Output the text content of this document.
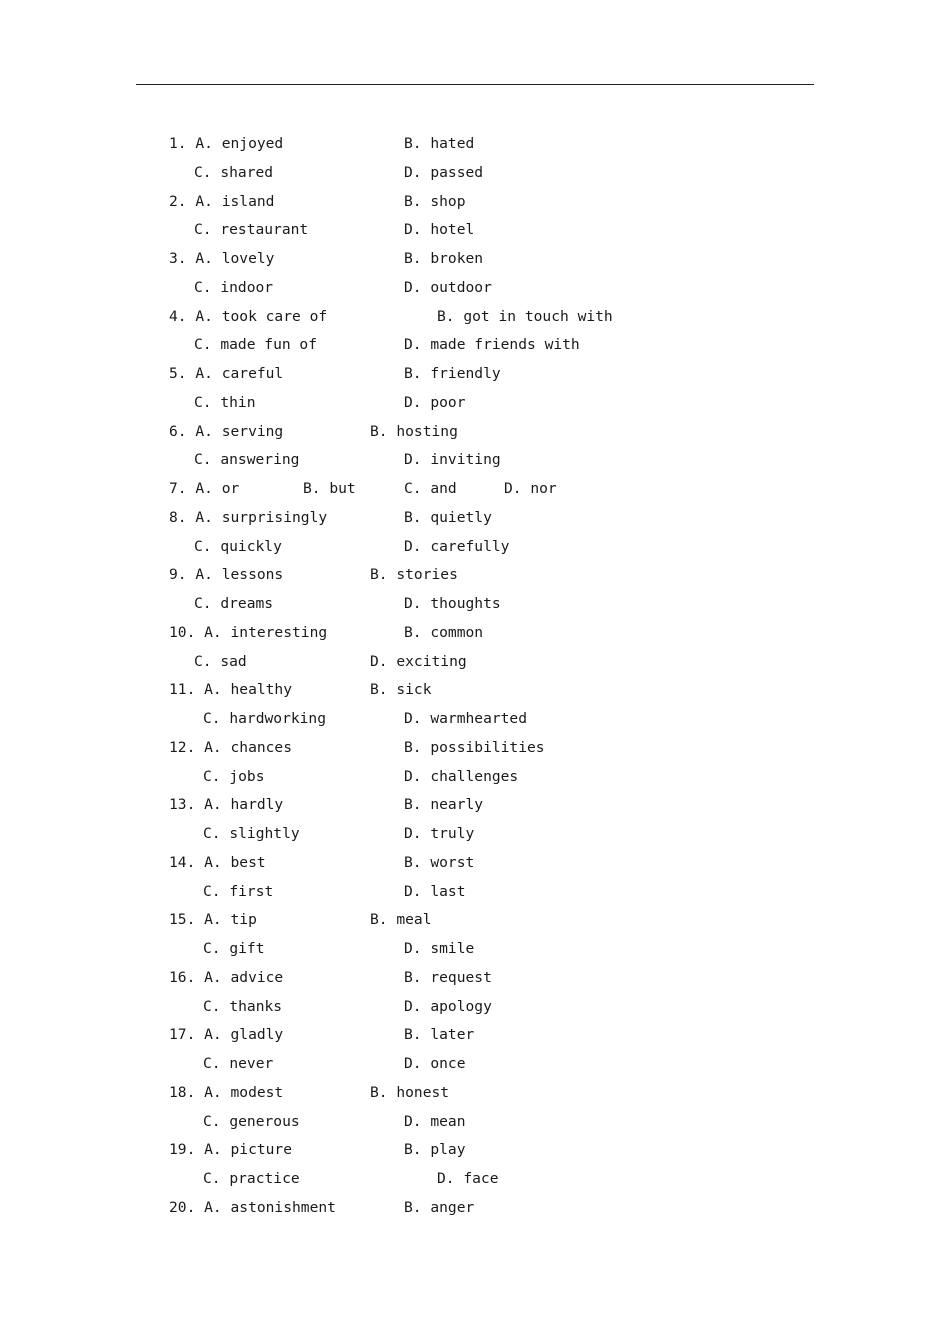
1. A. enjoyed	B. hated
C. shared	D. passed
2. A. island	B. shop
C. restaurant	D. hotel
3. A. lovely	B. broken
C. indoor	D. outdoor
4. A. took care of	B. got in touch with
C. made fun of	D. made friends with
5. A. careful	B. friendly
C. thin	D. poor
6. A. serving	B. hosting
C. answering	D. inviting
7. A. or	B. but	C. and	D. nor
8. A. surprisingly	B. quietly
C. quickly	D. carefully
9. A. lessons	B. stories
C. dreams	D. thoughts
10. A. interesting	B. common
C. sad	D. exciting
11. A. healthy	B. sick
C. hardworking	D. warmhearted
12. A. chances	B. possibilities
C. jobs	D. challenges
13. A. hardly	B. nearly
C. slightly	D. truly
14. A. best	B. worst
C. first	D. last
15. A. tip	B. meal
C. gift	D. smile
16. A. advice	B. request
C. thanks	D. apology
17. A. gladly	B. later
C. never	D. once
18. A. modest	B. honest
C. generous	D. mean
19. A. picture	B. play
C. practice	D. face
20. A. astonishment	B. anger
